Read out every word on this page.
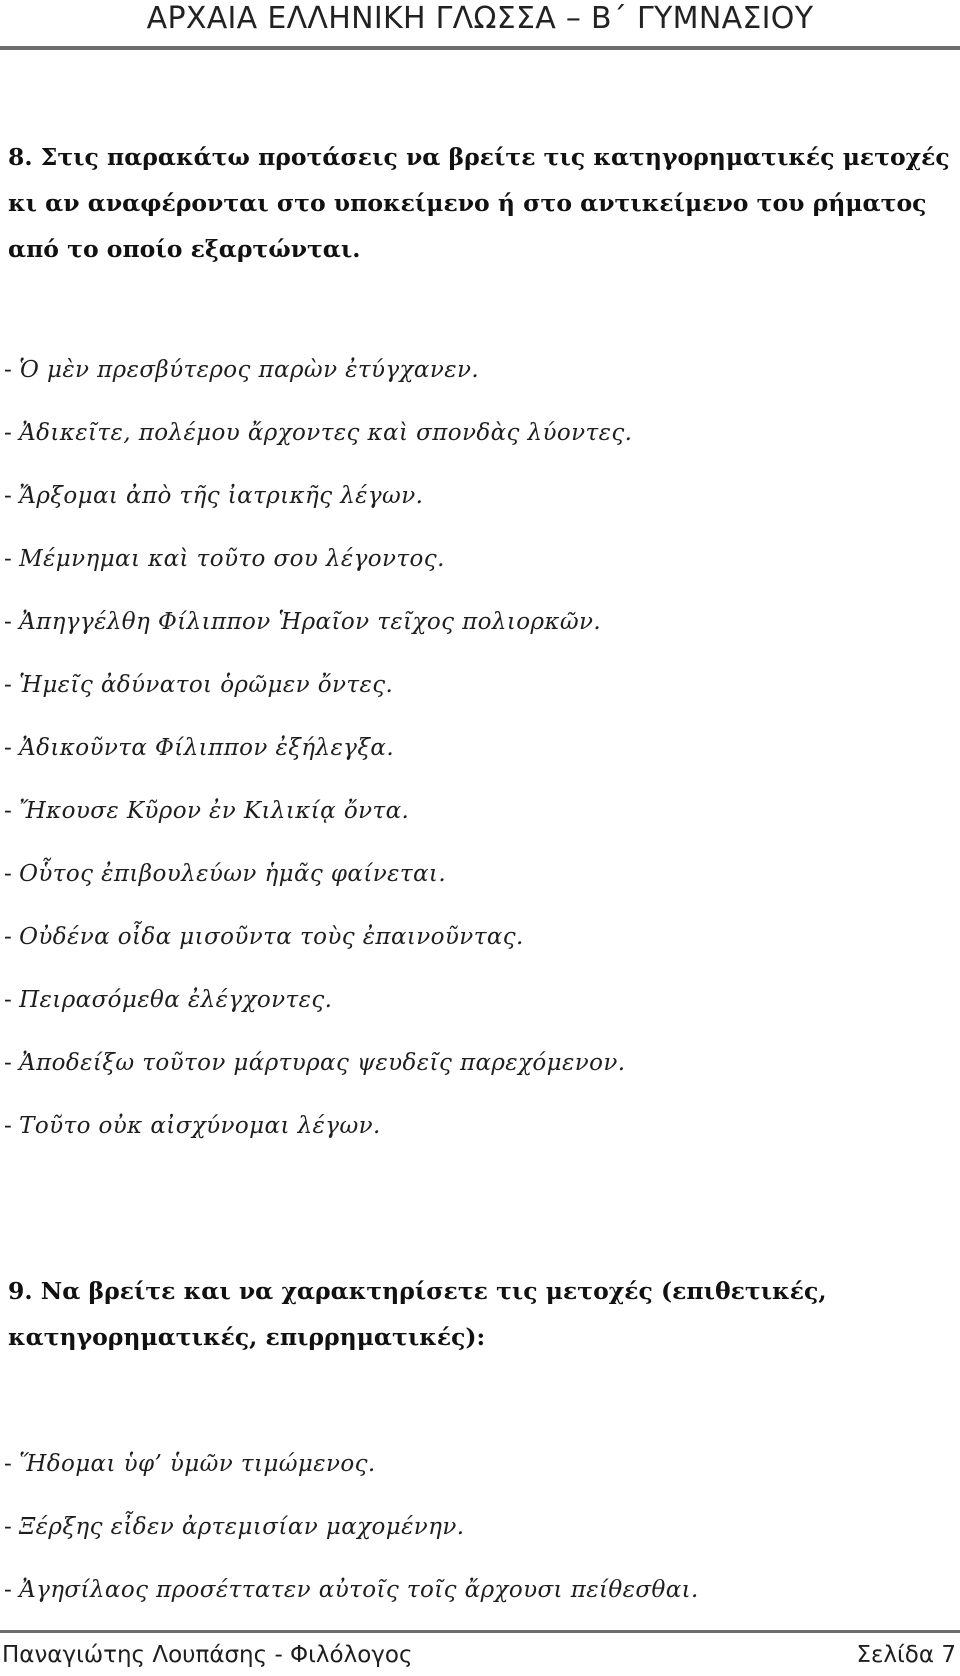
ΑΡΧΑΙΑ ΕΛΛΗΝΙΚΗ ΓΛΩΣΣΑ – Β΄ ΓΥΜΝΑΣΙΟΥ
8. Στις παρακάτω προτάσεις να βρείτε τις κατηγορηματικές μετοχές κι αν αναφέρονται στο υποκείμενο ή στο αντικείμενο του ρήματος από το οποίο εξαρτώνται.
- Ὁ μὲν πρεσβύτερος παρὼν ἐτύγχανεν.
- Ἀδικεῖτε, πολέμου ἄρχοντες καὶ σπονδὰς λύοντες.
- Ἄρξομαι ἀπὸ τῆς ἰατρικῆς λέγων.
- Μέμνημαι καὶ τοῦτο σου λέγοντος.
- Ἀπηγγέλθη Φίλιππον Ἡραῖον τεῖχος πολιορκῶν.
- Ἡμεῖς ἀδύνατοι ὁρῶμεν ὄντες.
- Ἀδικοῦντα Φίλιππον ἐξήλεγξα.
- Ἤκουσε Κῦρον ἐν Κιλικίᾳ ὄντα.
- Οὗτος ἐπιβουλεύων ἡμᾶς φαίνεται.
- Οὐδένα οἶδα μισοῦντα τοὺς ἐπαινοῦντας.
- Πειρασόμεθα ἐλέγχοντες.
- Ἀποδείξω τοῦτον μάρτυρας ψευδεῖς παρεχόμενον.
- Τοῦτο οὐκ αἰσχύνομαι λέγων.
9. Να βρείτε και να χαρακτηρίσετε τις μετοχές (επιθετικές, κατηγορηματικές, επιρρηματικές):
- Ἥδομαι ὑφ’ ὑμῶν τιμώμενος.
- Ξέρξης εἶδεν ἀρτεμισίαν μαχομένην.
- Ἀγησίλαος προσέττατεν αὐτοῖς τοῖς ἄρχουσι πείθεσθαι.
Παναγιώτης Λουπάσης - Φιλόλογος	Σελίδα 7
